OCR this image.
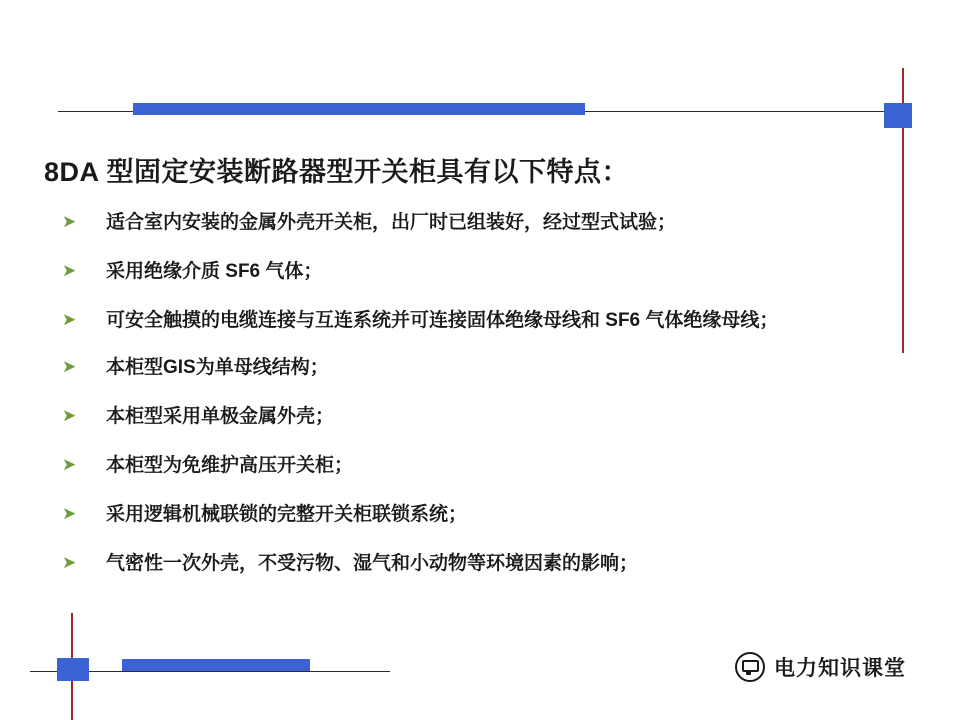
8DA 型固定安装断路器型开关柜具有以下特点：
➤	适合室内安装的金属外壳开关柜，出厂时已组装好，经过型式试验；
➤	采用绝缘介质 SF6 气体；
➤	可安全触摸的电缆连接与互连系统并可连接固体绝缘母线和 SF6 气体绝缘母线；
➤	本柜型GIS为单母线结构；
➤	本柜型采用单极金属外壳；
➤	本柜型为免维护高压开关柜；
➤	采用逻辑机械联锁的完整开关柜联锁系统；
➤	气密性一次外壳，不受污物、湿气和小动物等环境因素的影响；
电力知识课堂
